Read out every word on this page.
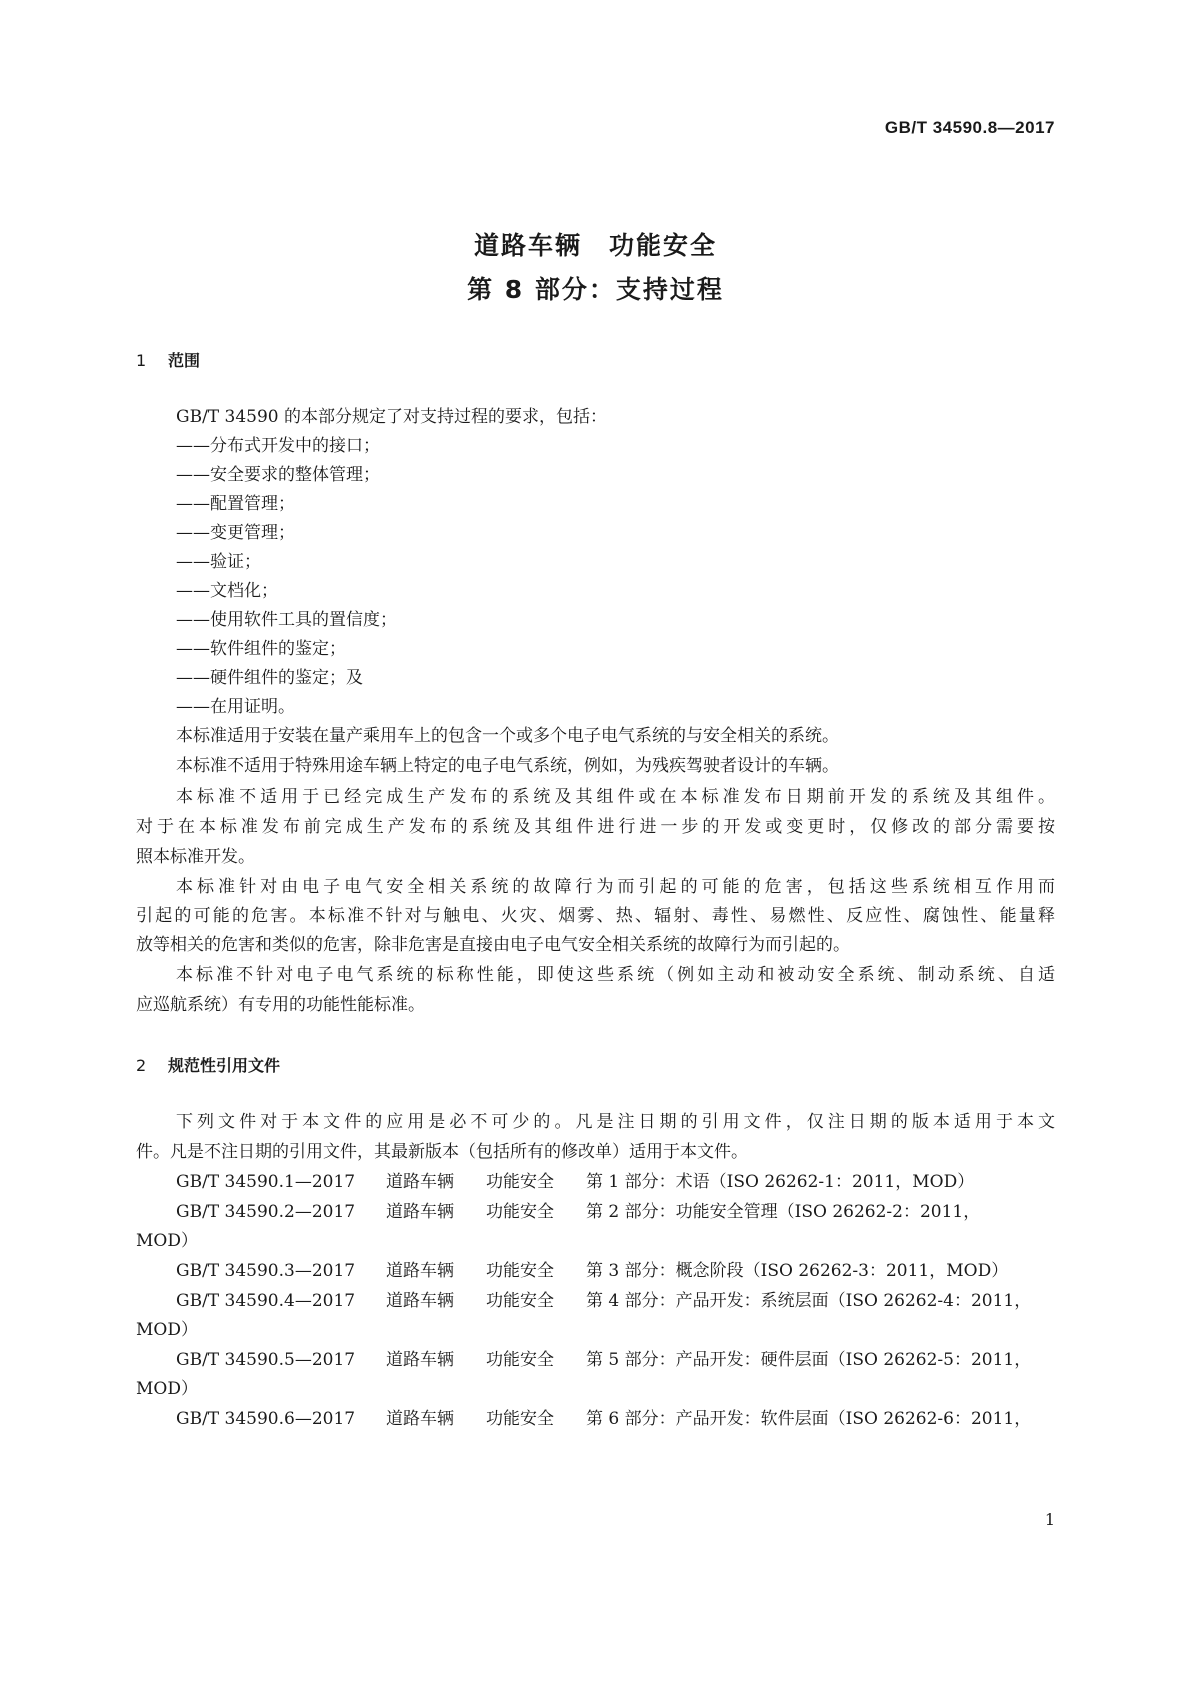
GB/T 34590.8—2017
道路车辆　功能安全
第 8 部分：支持过程
1 范围
GB/T 34590 的本部分规定了对支持过程的要求，包括：
——分布式开发中的接口；
——安全要求的整体管理；
——配置管理；
——变更管理；
——验证；
——文档化；
——使用软件工具的置信度；
——软件组件的鉴定；
——硬件组件的鉴定；及
——在用证明。
本标准适用于安装在量产乘用车上的包含一个或多个电子电气系统的与安全相关的系统。
本标准不适用于特殊用途车辆上特定的电子电气系统，例如，为残疾驾驶者设计的车辆。
本标准不适用于已经完成生产发布的系统及其组件或在本标准发布日期前开发的系统及其组件。
对于在本标准发布前完成生产发布的系统及其组件进行进一步的开发或变更时，仅修改的部分需要按
照本标准开发。
本标准针对由电子电气安全相关系统的故障行为而引起的可能的危害，包括这些系统相互作用而
引起的可能的危害。本标准不针对与触电、火灾、烟雾、热、辐射、毒性、易燃性、反应性、腐蚀性、能量释
放等相关的危害和类似的危害，除非危害是直接由电子电气安全相关系统的故障行为而引起的。
本标准不针对电子电气系统的标称性能，即使这些系统（例如主动和被动安全系统、制动系统、自适
应巡航系统）有专用的功能性能标准。
2 规范性引用文件
下列文件对于本文件的应用是必不可少的。凡是注日期的引用文件，仅注日期的版本适用于本文
件。凡是不注日期的引用文件，其最新版本（包括所有的修改单）适用于本文件。
GB/T 34590.1—2017 道路车辆 功能安全 第 1 部分：术语（ISO 26262-1：2011，MOD）
GB/T 34590.2—2017 道路车辆 功能安全 第 2 部分：功能安全管理（ISO 26262-2：2011，
MOD）
GB/T 34590.3—2017 道路车辆 功能安全 第 3 部分：概念阶段（ISO 26262-3：2011，MOD）
GB/T 34590.4—2017 道路车辆 功能安全 第 4 部分：产品开发：系统层面（ISO 26262-4：2011，
MOD）
GB/T 34590.5—2017 道路车辆 功能安全 第 5 部分：产品开发：硬件层面（ISO 26262-5：2011，
MOD）
GB/T 34590.6—2017 道路车辆 功能安全 第 6 部分：产品开发：软件层面（ISO 26262-6：2011，
1
